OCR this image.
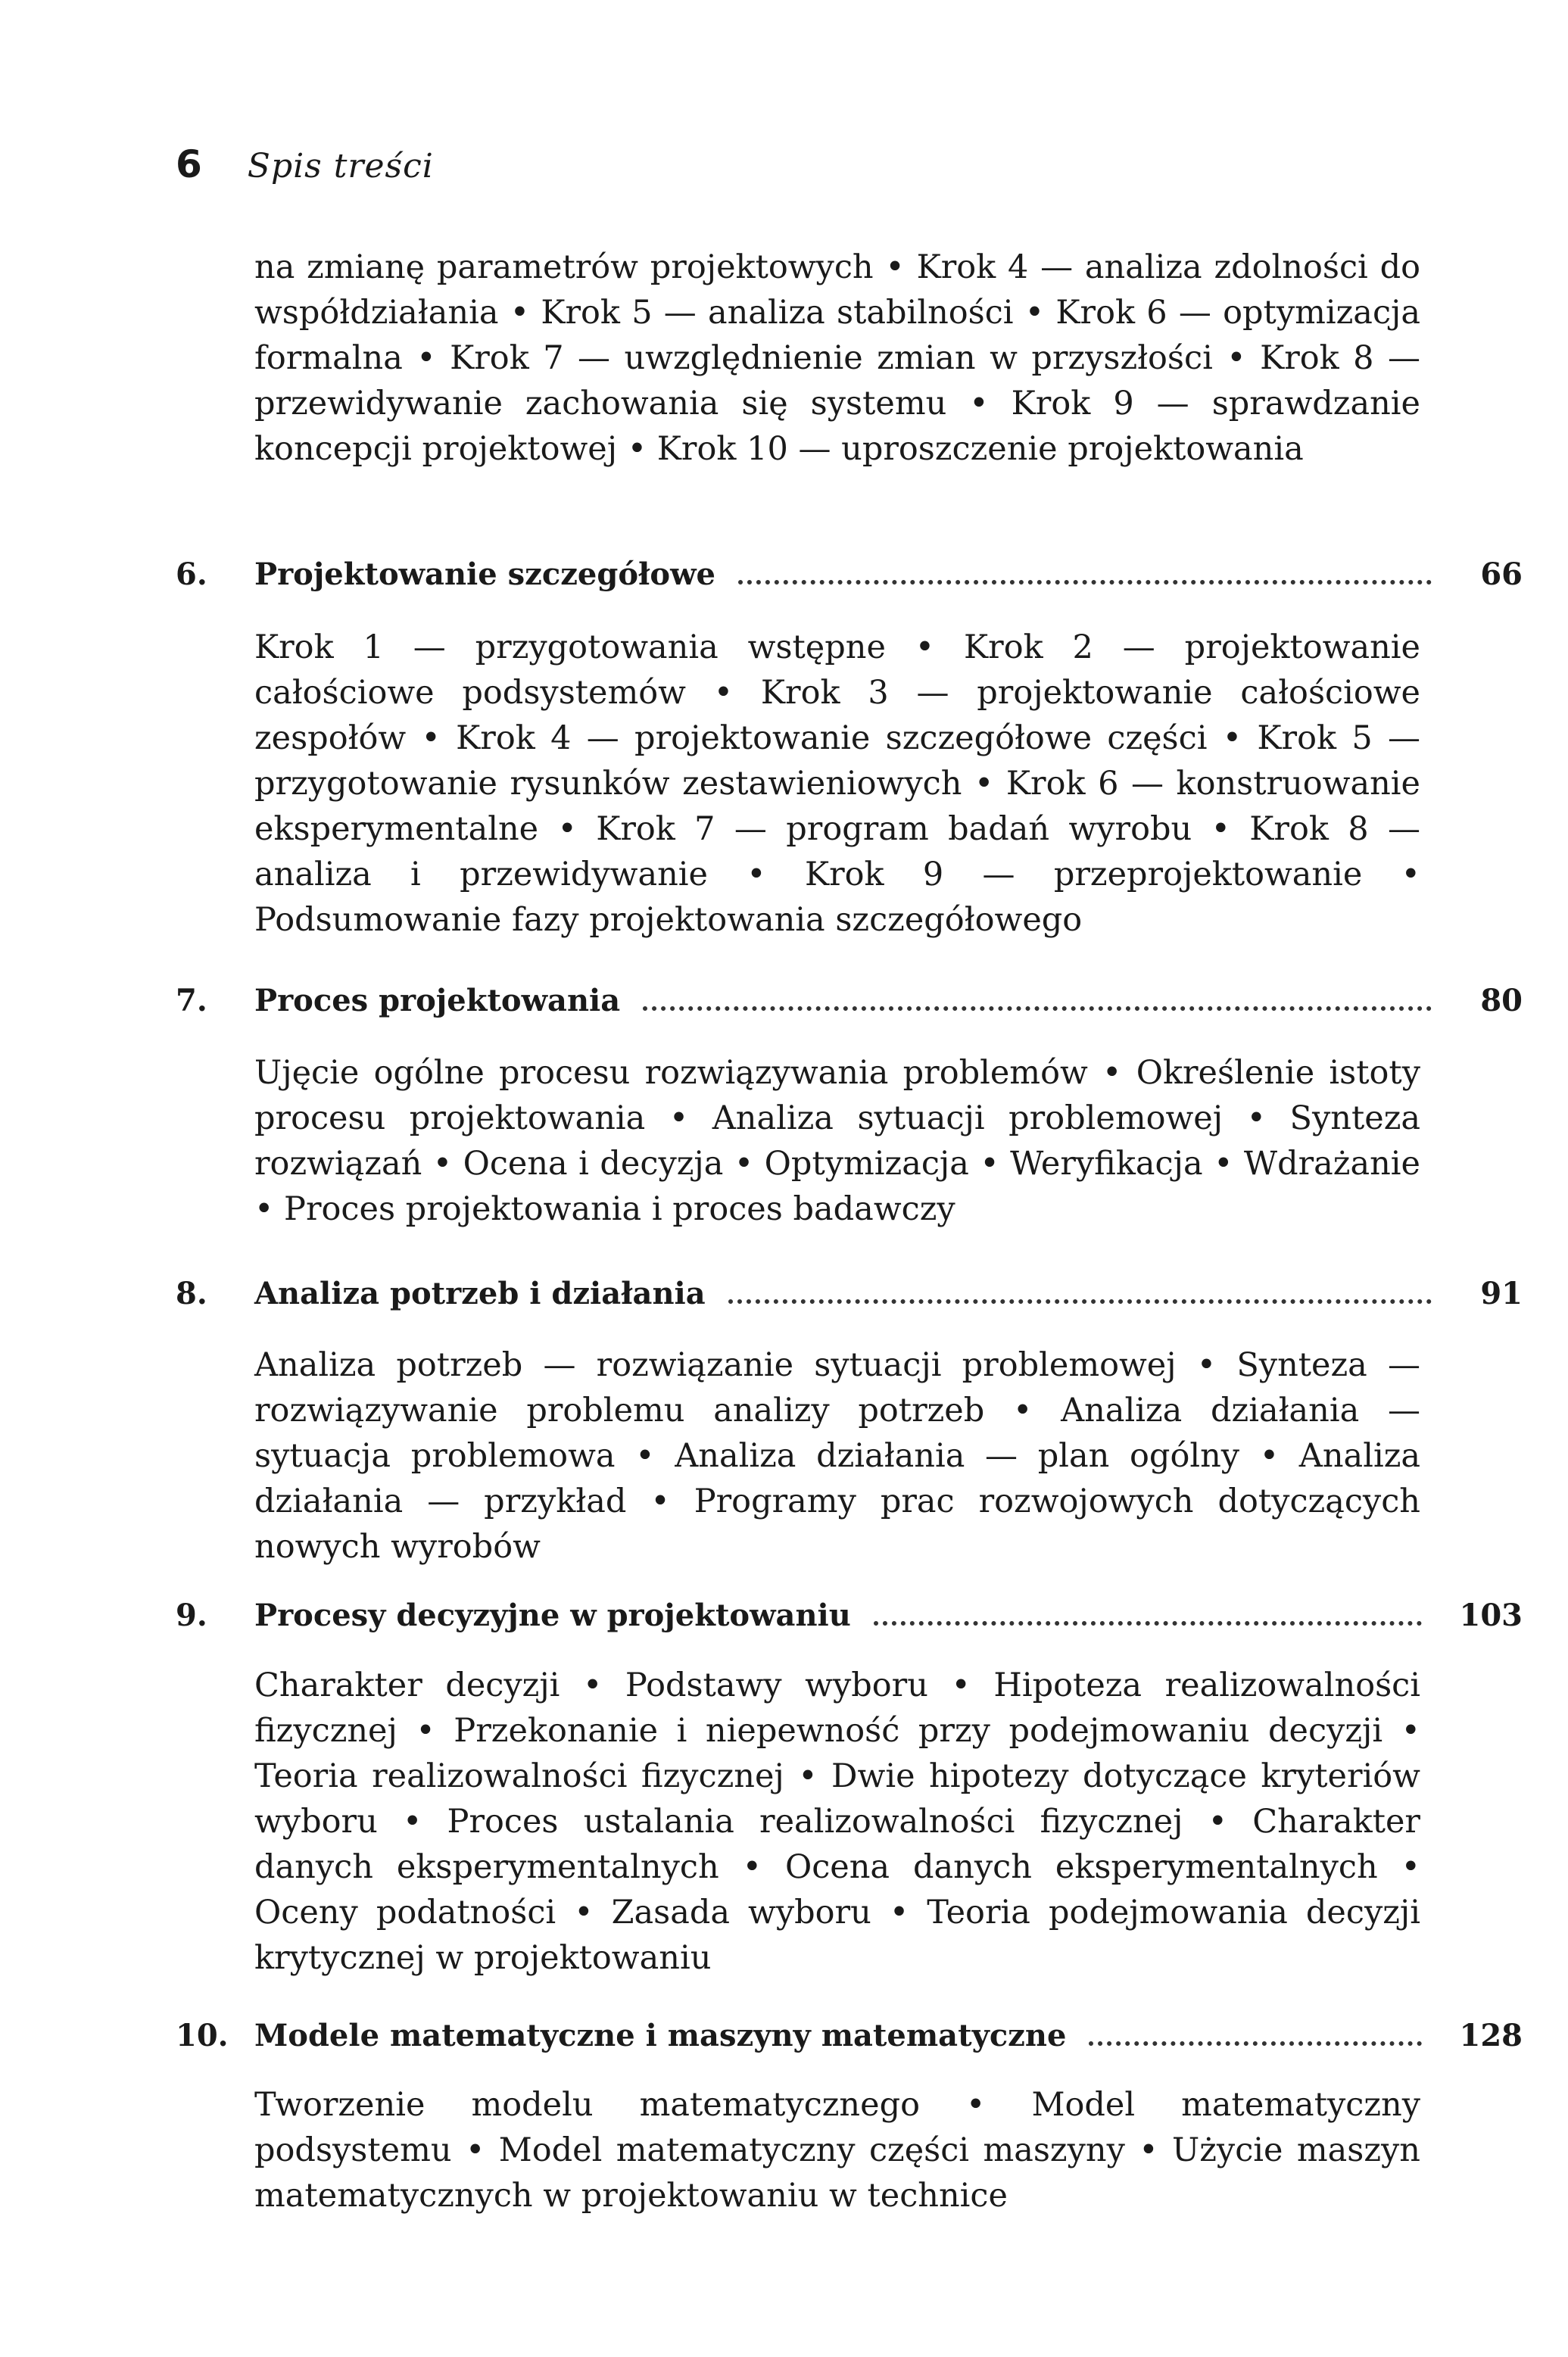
6 Spis treści

na zmianę parametrów projektowych • Krok 4 — analiza zdolności do współdziałania • Krok 5 — analiza stabilności • Krok 6 — optymizacja formalna • Krok 7 — uwzględnienie zmian w przyszłości • Krok 8 — przewidywanie zachowania się systemu • Krok 9 — sprawdzanie koncepcji projektowej • Krok 10 — uproszczenie projektowania

6.	Projektowanie szczegółowe	66

Krok 1 — przygotowania wstępne • Krok 2 — projektowanie całościowe podsystemów • Krok 3 — projektowanie całościowe zespołów • Krok 4 — projektowanie szczegółowe części • Krok 5 — przygotowanie rysunków zestawieniowych • Krok 6 — konstruowanie eksperymentalne • Krok 7 — program badań wyrobu • Krok 8 — analiza i przewidywanie • Krok 9 — przeprojektowanie • Podsumowanie fazy projektowania szczegółowego

7.	Proces projektowania	80

Ujęcie ogólne procesu rozwiązywania problemów • Określenie istoty procesu projektowania • Analiza sytuacji problemowej • Synteza rozwiązań • Ocena i decyzja • Optymizacja • Weryfikacja • Wdrażanie • Proces projektowania i proces badawczy

8.	Analiza potrzeb i działania	91

Analiza potrzeb — rozwiązanie sytuacji problemowej • Synteza — rozwiązywanie problemu analizy potrzeb • Analiza działania — sytuacja problemowa • Analiza działania — plan ogólny • Analiza działania — przykład • Programy prac rozwojowych dotyczących nowych wyrobów

9.	Procesy decyzyjne w projektowaniu	103

Charakter decyzji • Podstawy wyboru • Hipoteza realizowalności fizycznej • Przekonanie i niepewność przy podejmowaniu decyzji • Teoria realizowalności fizycznej • Dwie hipotezy dotyczące kryteriów wyboru • Proces ustalania realizowalności fizycznej • Charakter danych eksperymentalnych • Ocena danych eksperymentalnych • Oceny podatności • Zasada wyboru • Teoria podejmowania decyzji krytycznej w projektowaniu

10. Modele matematyczne i maszyny matematyczne	128

Tworzenie modelu matematycznego • Model matematyczny podsystemu • Model matematyczny części maszyny • Użycie maszyn matematycznych w projektowaniu w technice
